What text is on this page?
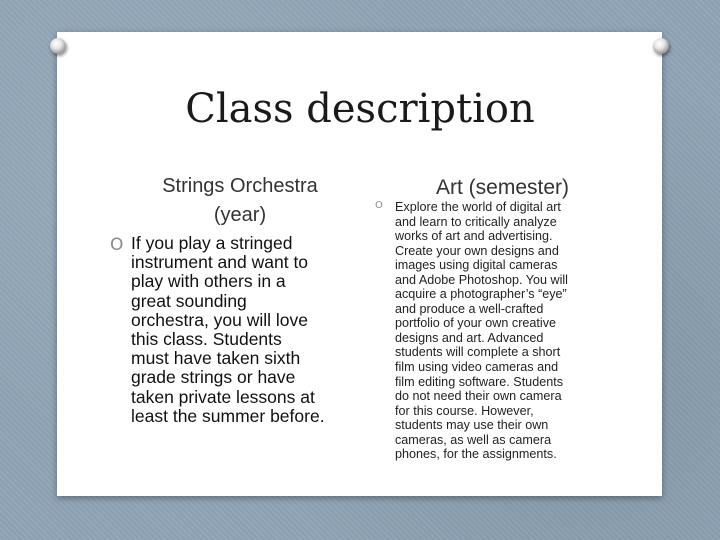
Class description
Strings Orchestra
(year)
O If you play a stringed
instrument and want to
play with others in a
great sounding
orchestra, you will love
this class. Students
must have taken sixth
grade strings or have
taken private lessons at
least the summer before.
Art (semester)
O Explore the world of digital art
and learn to critically analyze
works of art and advertising.
Create your own designs and
images using digital cameras
and Adobe Photoshop. You will
acquire a photographer’s “eye”
and produce a well-crafted
portfolio of your own creative
designs and art. Advanced
students will complete a short
film using video cameras and
film editing software. Students
do not need their own camera
for this course. However,
students may use their own
cameras, as well as camera
phones, for the assignments.
